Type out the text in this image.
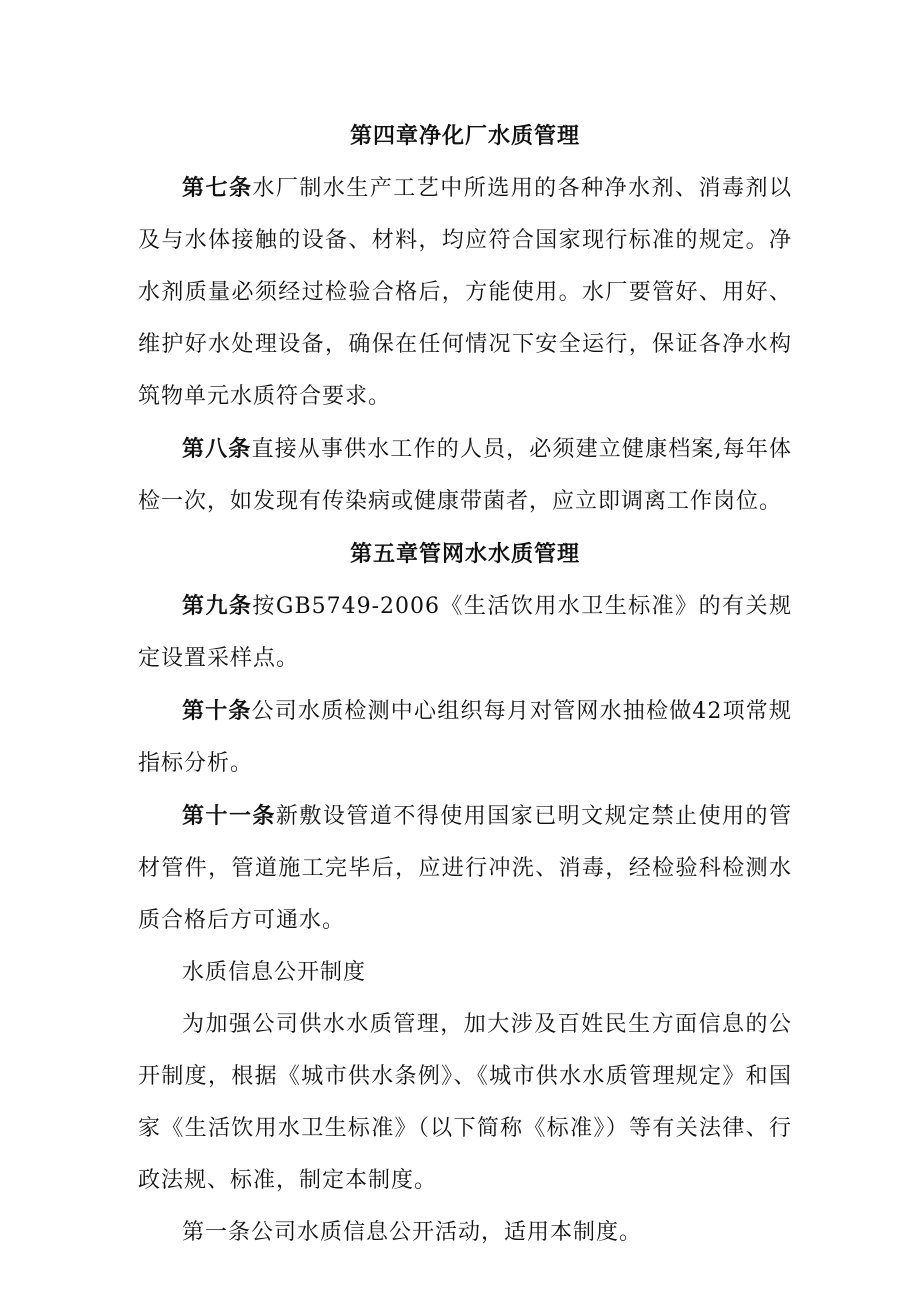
第四章净化厂水质管理

第七条水厂制水生产工艺中所选用的各种净水剂、消毒剂以及与水体接触的设备、材料，均应符合国家现行标准的规定。净水剂质量必须经过检验合格后，方能使用。水厂要管好、用好、维护好水处理设备，确保在任何情况下安全运行，保证各净水构筑物单元水质符合要求。

第八条直接从事供水工作的人员，必须建立健康档案,每年体检一次，如发现有传染病或健康带菌者，应立即调离工作岗位。

第五章管网水水质管理

第九条按GB5749-2006《生活饮用水卫生标准》的有关规定设置采样点。

第十条公司水质检测中心组织每月对管网水抽检做42项常规指标分析。

第十一条新敷设管道不得使用国家已明文规定禁止使用的管材管件，管道施工完毕后，应进行冲洗、消毒，经检验科检测水质合格后方可通水。

水质信息公开制度

为加强公司供水水质管理，加大涉及百姓民生方面信息的公开制度，根据《城市供水条例》、《城市供水水质管理规定》和国家《生活饮用水卫生标准》（以下简称《标准》）等有关法律、行政法规、标准，制定本制度。

第一条公司水质信息公开活动，适用本制度。
